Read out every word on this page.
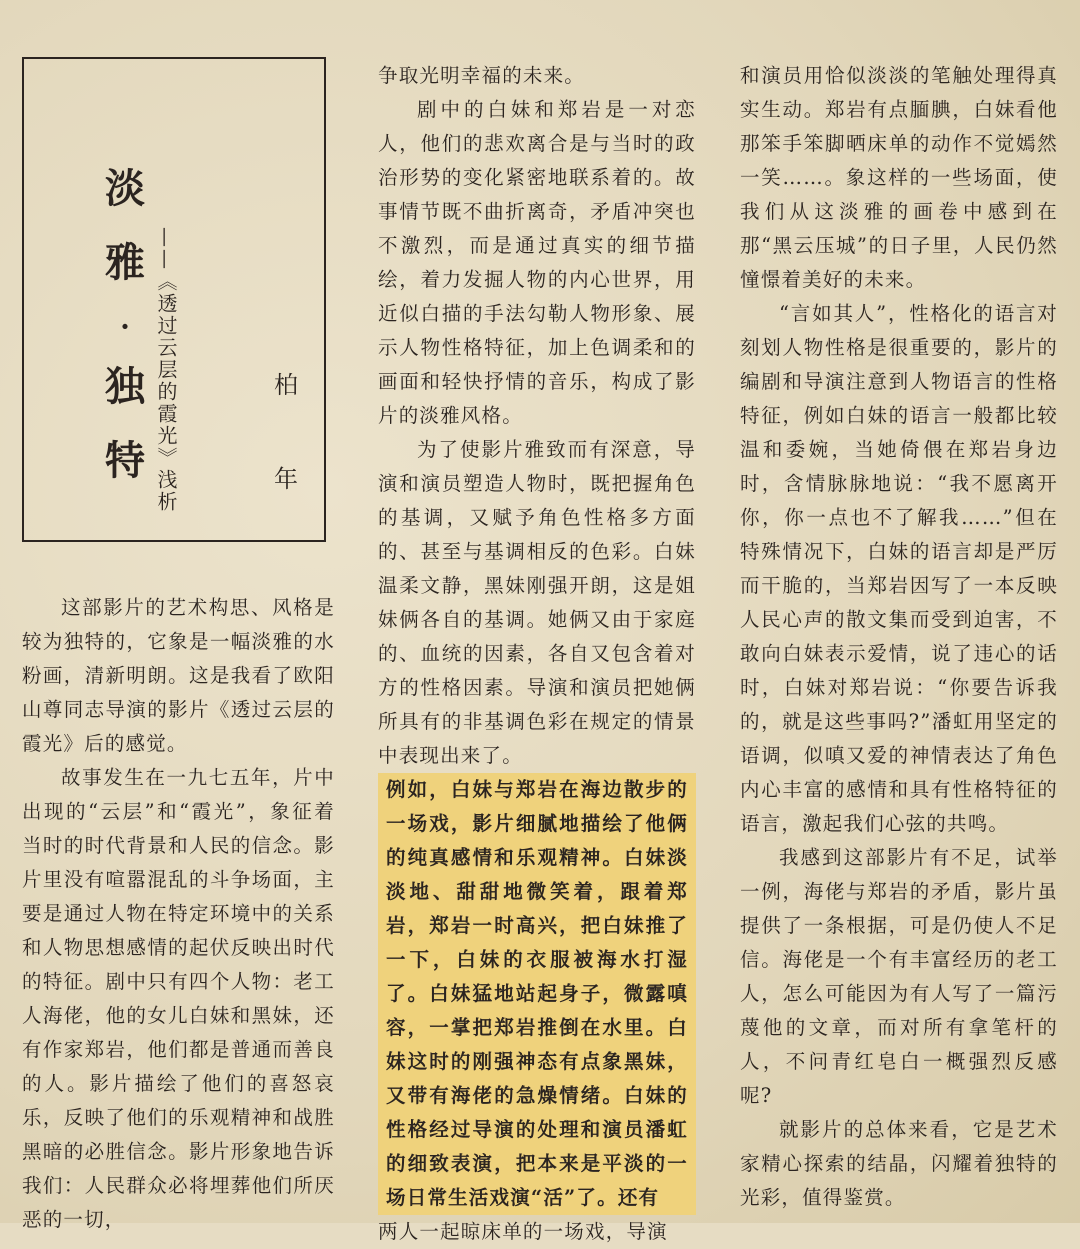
淡
雅
·
独
特 ——《透过云层的霞光》浅析	柏
年

这部影片的艺术构思、风格是较为独特的，它象是一幅淡雅的水粉画，清新明朗。这是我看了欧阳山尊同志导演的影片《透过云层的霞光》后的感觉。

故事发生在一九七五年，片中出现的“云层”和“霞光”，象征着当时的时代背景和人民的信念。影片里没有喧嚣混乱的斗争场面，主要是通过人物在特定环境中的关系和人物思想感情的起伏反映出时代的特征。剧中只有四个人物：老工人海佬，他的女儿白妹和黑妹，还有作家郑岩，他们都是普通而善良的人。影片描绘了他们的喜怒哀乐，反映了他们的乐观精神和战胜黑暗的必胜信念。影片形象地告诉我们：人民群众必将埋葬他们所厌恶的一切，

争取光明幸福的未来。

剧中的白妹和郑岩是一对恋人，他们的悲欢离合是与当时的政治形势的变化紧密地联系着的。故事情节既不曲折离奇，矛盾冲突也不激烈，而是通过真实的细节描绘，着力发掘人物的内心世界，用近似白描的手法勾勒人物形象、展示人物性格特征，加上色调柔和的画面和轻快抒情的音乐，构成了影片的淡雅风格。

为了使影片雅致而有深意，导演和演员塑造人物时，既把握角色的基调，又赋予角色性格多方面的、甚至与基调相反的色彩。白妹温柔文静，黑妹刚强开朗，这是姐妹俩各自的基调。她俩又由于家庭的、血统的因素，各自又包含着对方的性格因素。导演和演员把她俩所具有的非基调色彩在规定的情景中表现出来了。

例如，白妹与郑岩在海边散步的一场戏，影片细腻地描绘了他俩的纯真感情和乐观精神。白妹淡淡地、甜甜地微笑着，跟着郑岩，郑岩一时高兴，把白妹推了一下，白妹的衣服被海水打湿了。白妹猛地站起身子，微露嗔容，一掌把郑岩推倒在水里。白妹这时的刚强神态有点象黑妹，又带有海佬的急燥情绪。白妹的性格经过导演的处理和演员潘虹的细致表演，把本来是平淡的一场日常生活戏演“活”了。还有

两人一起晾床单的一场戏，导演

和演员用恰似淡淡的笔触处理得真实生动。郑岩有点腼腆，白妹看他那笨手笨脚晒床单的动作不觉嫣然一笑……。象这样的一些场面，使我们从这淡雅的画卷中感到在那“黑云压城”的日子里，人民仍然憧憬着美好的未来。

“言如其人”，性格化的语言对刻划人物性格是很重要的，影片的编剧和导演注意到人物语言的性格特征，例如白妹的语言一般都比较温和委婉，当她倚偎在郑岩身边时，含情脉脉地说：“我不愿离开你，你一点也不了解我……”但在特殊情况下，白妹的语言却是严厉而干脆的，当郑岩因写了一本反映人民心声的散文集而受到迫害，不敢向白妹表示爱情，说了违心的话时，白妹对郑岩说：“你要告诉我的，就是这些事吗?”潘虹用坚定的语调，似嗔又爱的神情表达了角色内心丰富的感情和具有性格特征的语言，激起我们心弦的共鸣。

我感到这部影片有不足，试举一例，海佬与郑岩的矛盾，影片虽提供了一条根据，可是仍使人不足信。海佬是一个有丰富经历的老工人，怎么可能因为有人写了一篇污蔑他的文章，而对所有拿笔杆的人，不问青红皂白一概强烈反感呢?

就影片的总体来看，它是艺术家精心探索的结晶，闪耀着独特的光彩，值得鉴赏。
